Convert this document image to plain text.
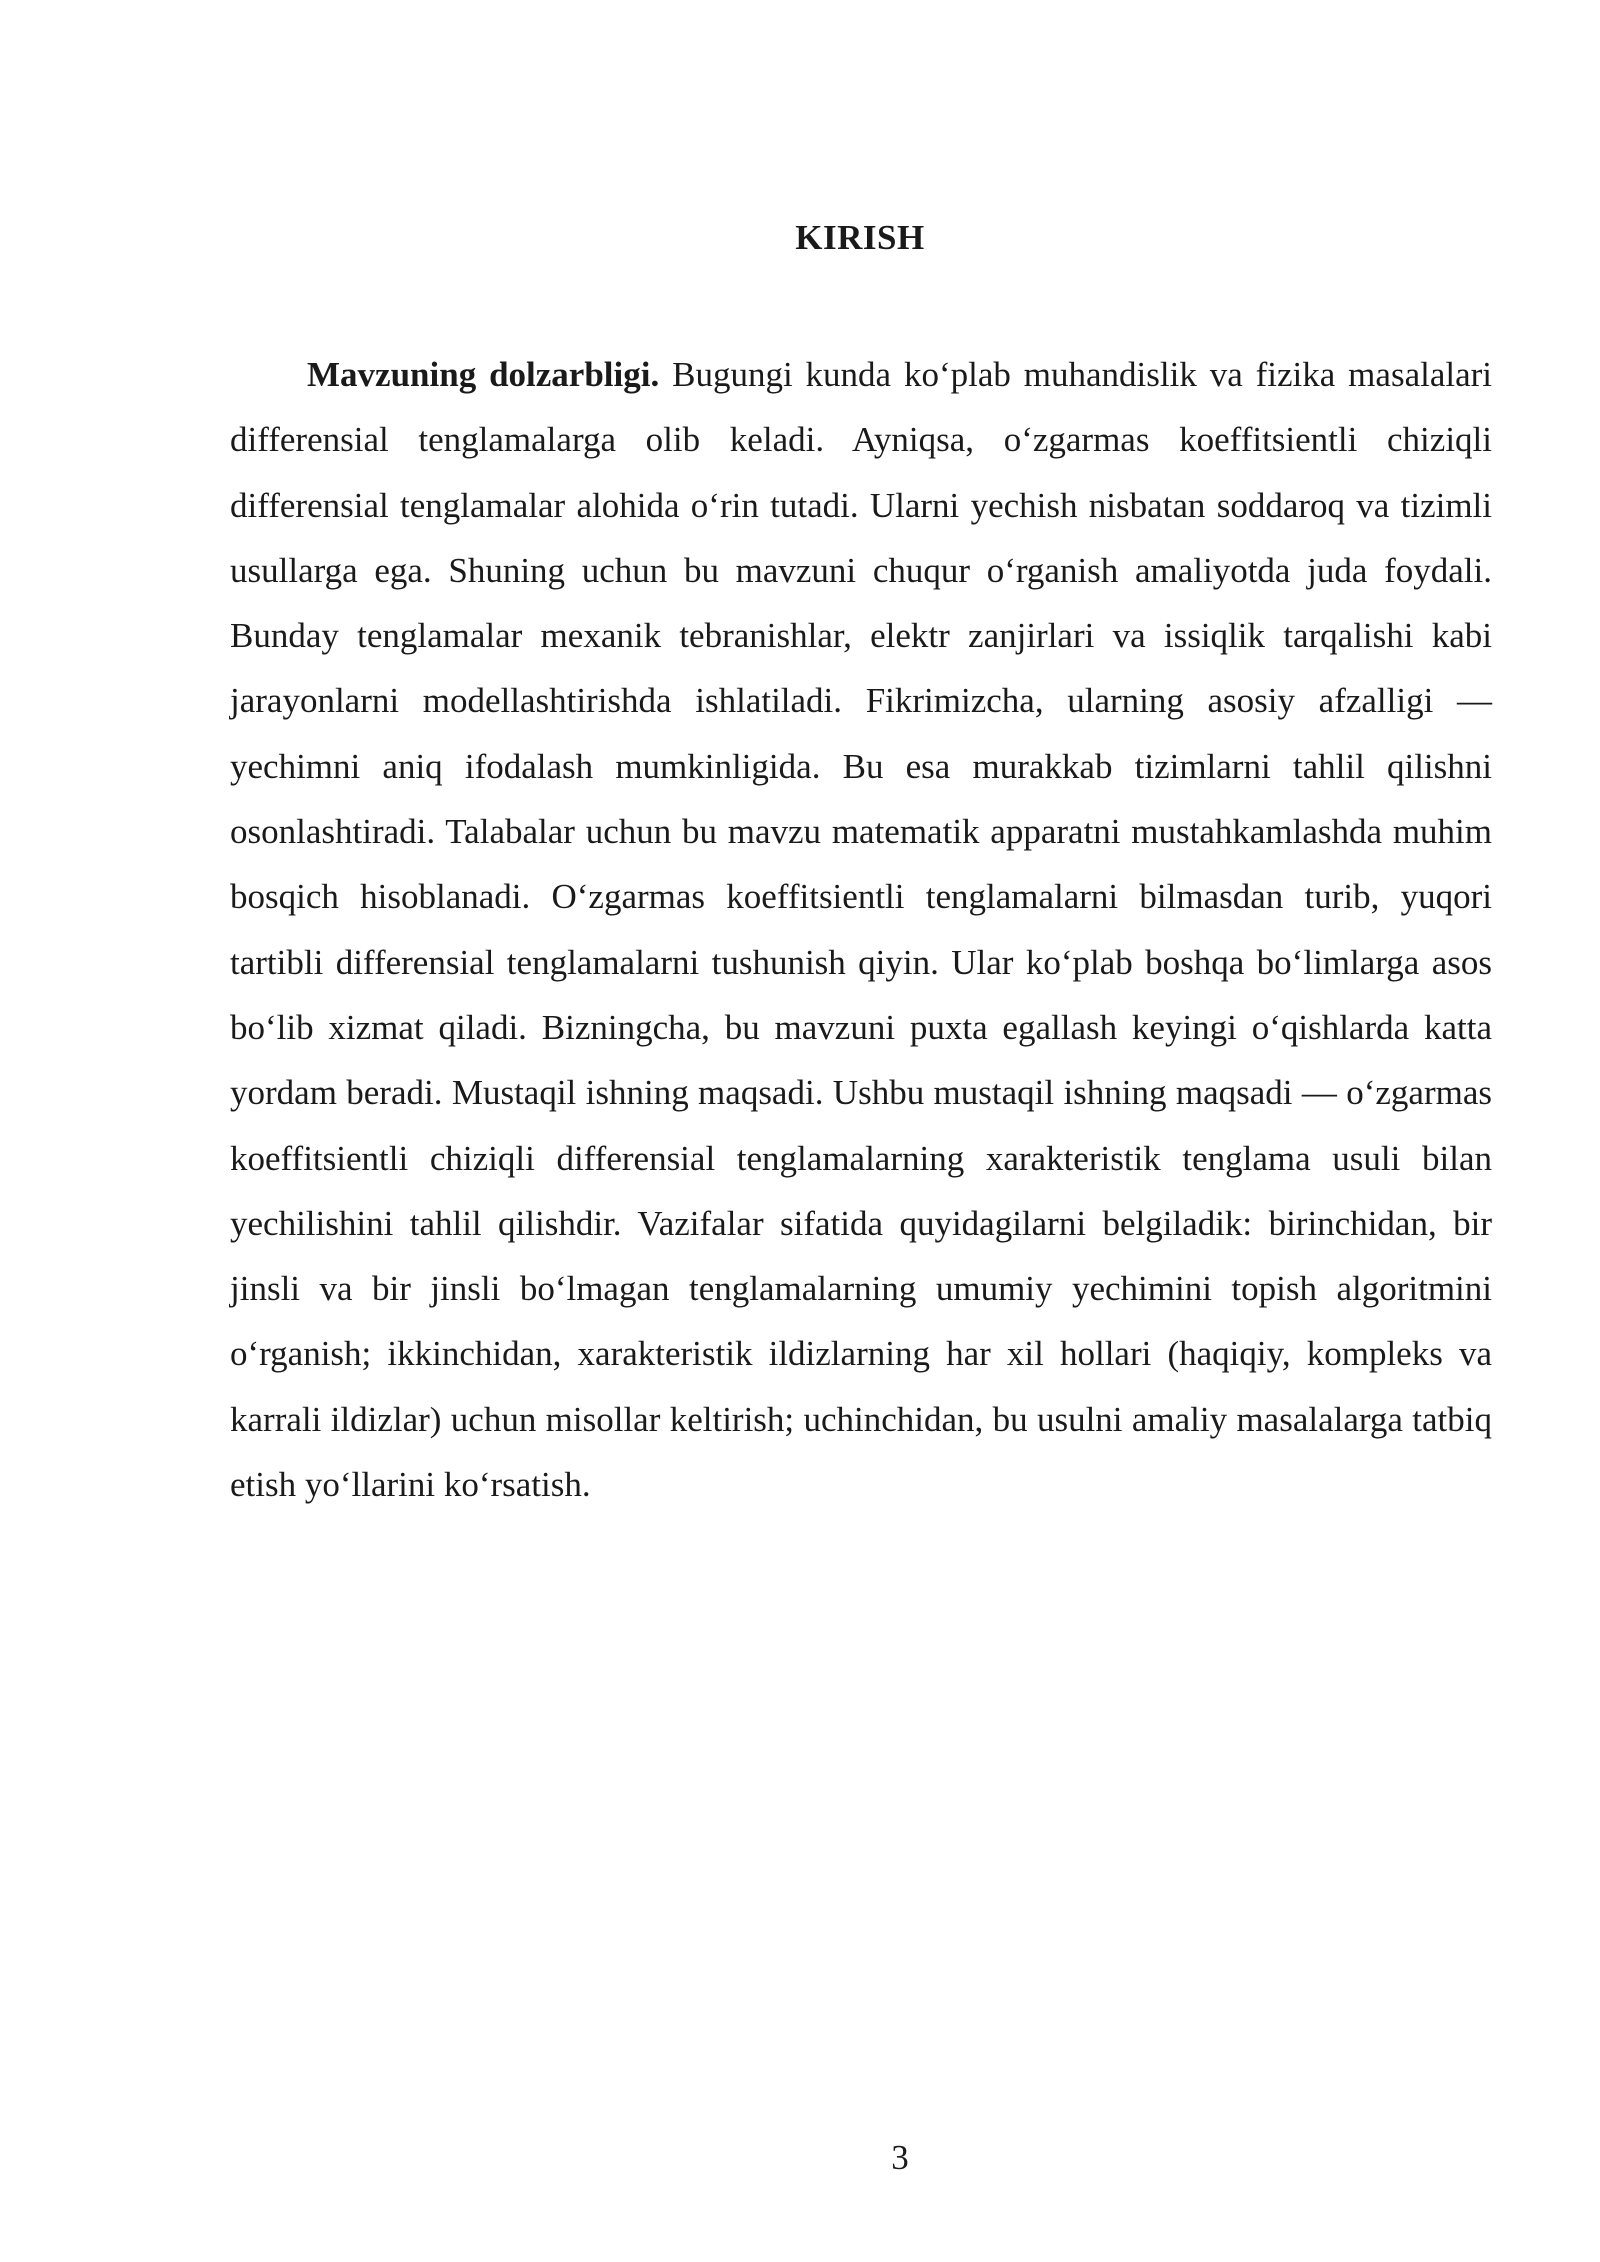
KIRISH

Mavzuning dolzarbligi. Bugungi kunda ko‘plab muhandislik va fizika masalalari differensial tenglamalarga olib keladi. Ayniqsa, o‘zgarmas koeffitsientli chiziqli differensial tenglamalar alohida o‘rin tutadi. Ularni yechish nisbatan soddaroq va tizimli usullarga ega. Shuning uchun bu mavzuni chuqur o‘rganish amaliyotda juda foydali. Bunday tenglamalar mexanik tebranishlar, elektr zanjirlari va issiqlik tarqalishi kabi jarayonlarni modellashtirishda ishlatiladi. Fikrimizcha, ularning asosiy afzalligi — yechimni aniq ifodalash mumkinligida. Bu esa murakkab tizimlarni tahlil qilishni osonlashtiradi. Talabalar uchun bu mavzu matematik apparatni mustahkamlashda muhim bosqich hisoblanadi. O‘zgarmas koeffitsientli tenglamalarni bilmasdan turib, yuqori tartibli differensial tenglamalarni tushunish qiyin. Ular ko‘plab boshqa bo‘limlarga asos bo‘lib xizmat qiladi. Bizningcha, bu mavzuni puxta egallash keyingi o‘qishlarda katta yordam beradi. Mustaqil ishning maqsadi. Ushbu mustaqil ishning maqsadi — o‘zgarmas koeffitsientli chiziqli differensial tenglamalarning xarakteristik tenglama usuli bilan yechilishini tahlil qilishdir. Vazifalar sifatida quyidagilarni belgiladik: birinchidan, bir jinsli va bir jinsli bo‘lmagan tenglamalarning umumiy yechimini topish algoritmini o‘rganish; ikkinchidan, xarakteristik ildizlarning har xil hollari (haqiqiy, kompleks va karrali ildizlar) uchun misollar keltirish; uchinchidan, bu usulni amaliy masalalarga tatbiq etish yo‘llarini ko‘rsatish.

3
